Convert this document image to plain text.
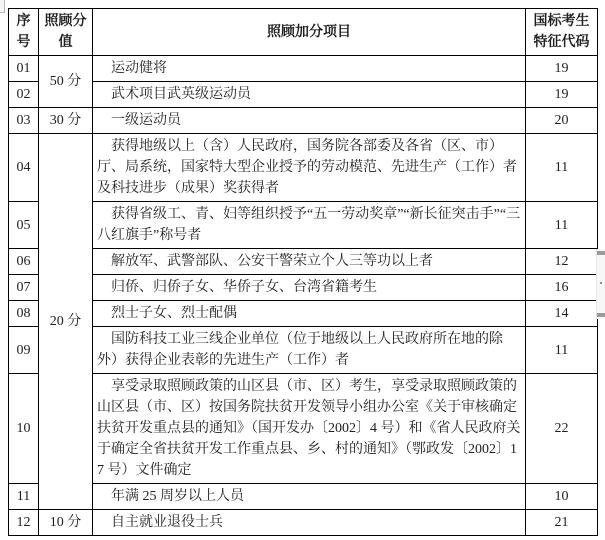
序号	照顾分值	照顾加分项目	国标考生特征代码
01	50 分	运动健将	19
02		武术项目武英级运动员	19
03	30 分	一级运动员	20
04	20 分	获得地级以上（含）人民政府，国务院各部委及各省（区、市）厅、局系统，国家特大型企业授予的劳动模范、先进生产（工作）者及科技进步（成果）奖获得者	11
05		获得省级工、青、妇等组织授予“五一劳动奖章”“新长征突击手”“三八红旗手”称号者	11
06		解放军、武警部队、公安干警荣立个人三等功以上者	12
07		归侨、归侨子女、华侨子女、台湾省籍考生	16
08		烈士子女、烈士配偶	14
09		国防科技工业三线企业单位（位于地级以上人民政府所在地的除外）获得企业表彰的先进生产（工作）者	11
10		享受录取照顾政策的山区县（市、区）考生，享受录取照顾政策的山区县（市、区）按国务院扶贫开发领导小组办公室《关于审核确定扶贫开发重点县的通知》（国开发办〔2002〕4 号）和《省人民政府关于确定全省扶贫开发工作重点县、乡、村的通知》（鄂政发〔2002〕17 号）文件确定	22
11		年满 25 周岁以上人员	10
12	10 分	自主就业退役士兵	21
